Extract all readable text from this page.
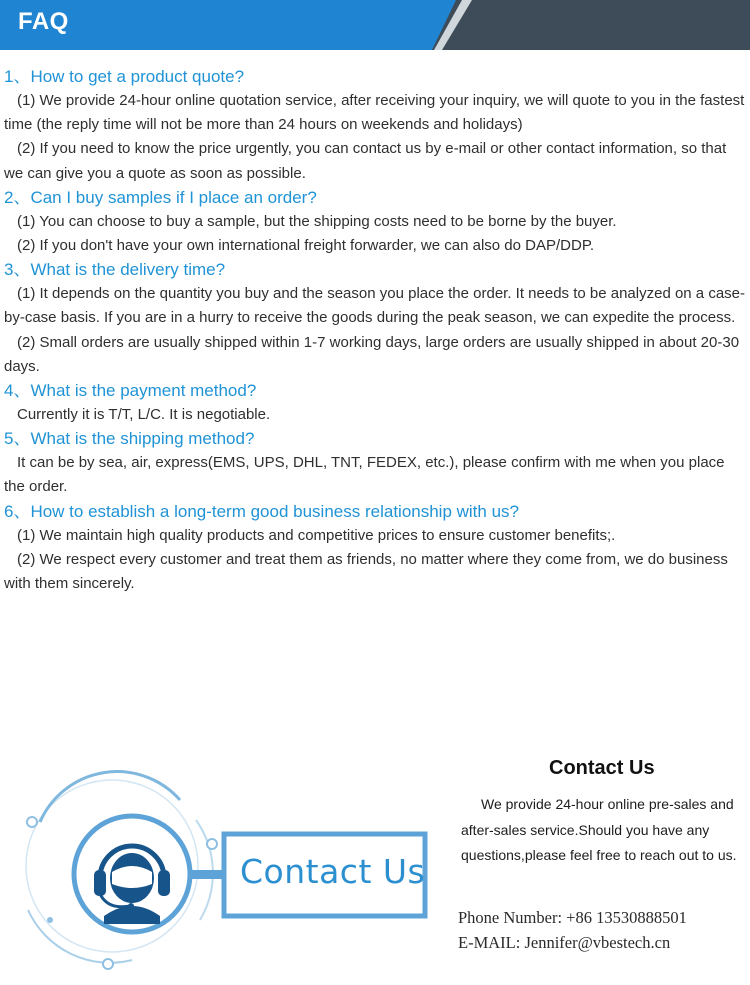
FAQ

1、How to get a product quote?

(1) We provide 24-hour online quotation service, after receiving your inquiry, we will quote to you in the fastest time (the reply time will not be more than 24 hours on weekends and holidays)

(2) If you need to know the price urgently, you can contact us by e-mail or other contact information, so that we can give you a quote as soon as possible.

2、Can I buy samples if I place an order?

(1) You can choose to buy a sample, but the shipping costs need to be borne by the buyer.

(2) If you don't have your own international freight forwarder, we can also do DAP/DDP.

3、What is the delivery time?

(1) It depends on the quantity you buy and the season you place the order. It needs to be analyzed on a case-by-case basis. If you are in a hurry to receive the goods during the peak season, we can expedite the process.

(2) Small orders are usually shipped within 1-7 working days, large orders are usually shipped in about 20-30 days.

4、What is the payment method?

Currently it is T/T, L/C. It is negotiable.

5、What is the shipping method?

It can be by sea, air, express(EMS, UPS, DHL, TNT, FEDEX, etc.), please confirm with me when you place the order.

6、How to establish a long-term good business relationship with us?

(1) We maintain high quality products and competitive prices to ensure customer benefits;.

(2) We respect every customer and treat them as friends, no matter where they come from, we do business with them sincerely.

Contact Us
Contact Us
We provide 24-hour online pre-sales and after-sales service.Should you have any questions,please feel free to reach out to us.
Phone Number: +86 13530888501
E-MAIL: Jennifer@vbestech.cn
